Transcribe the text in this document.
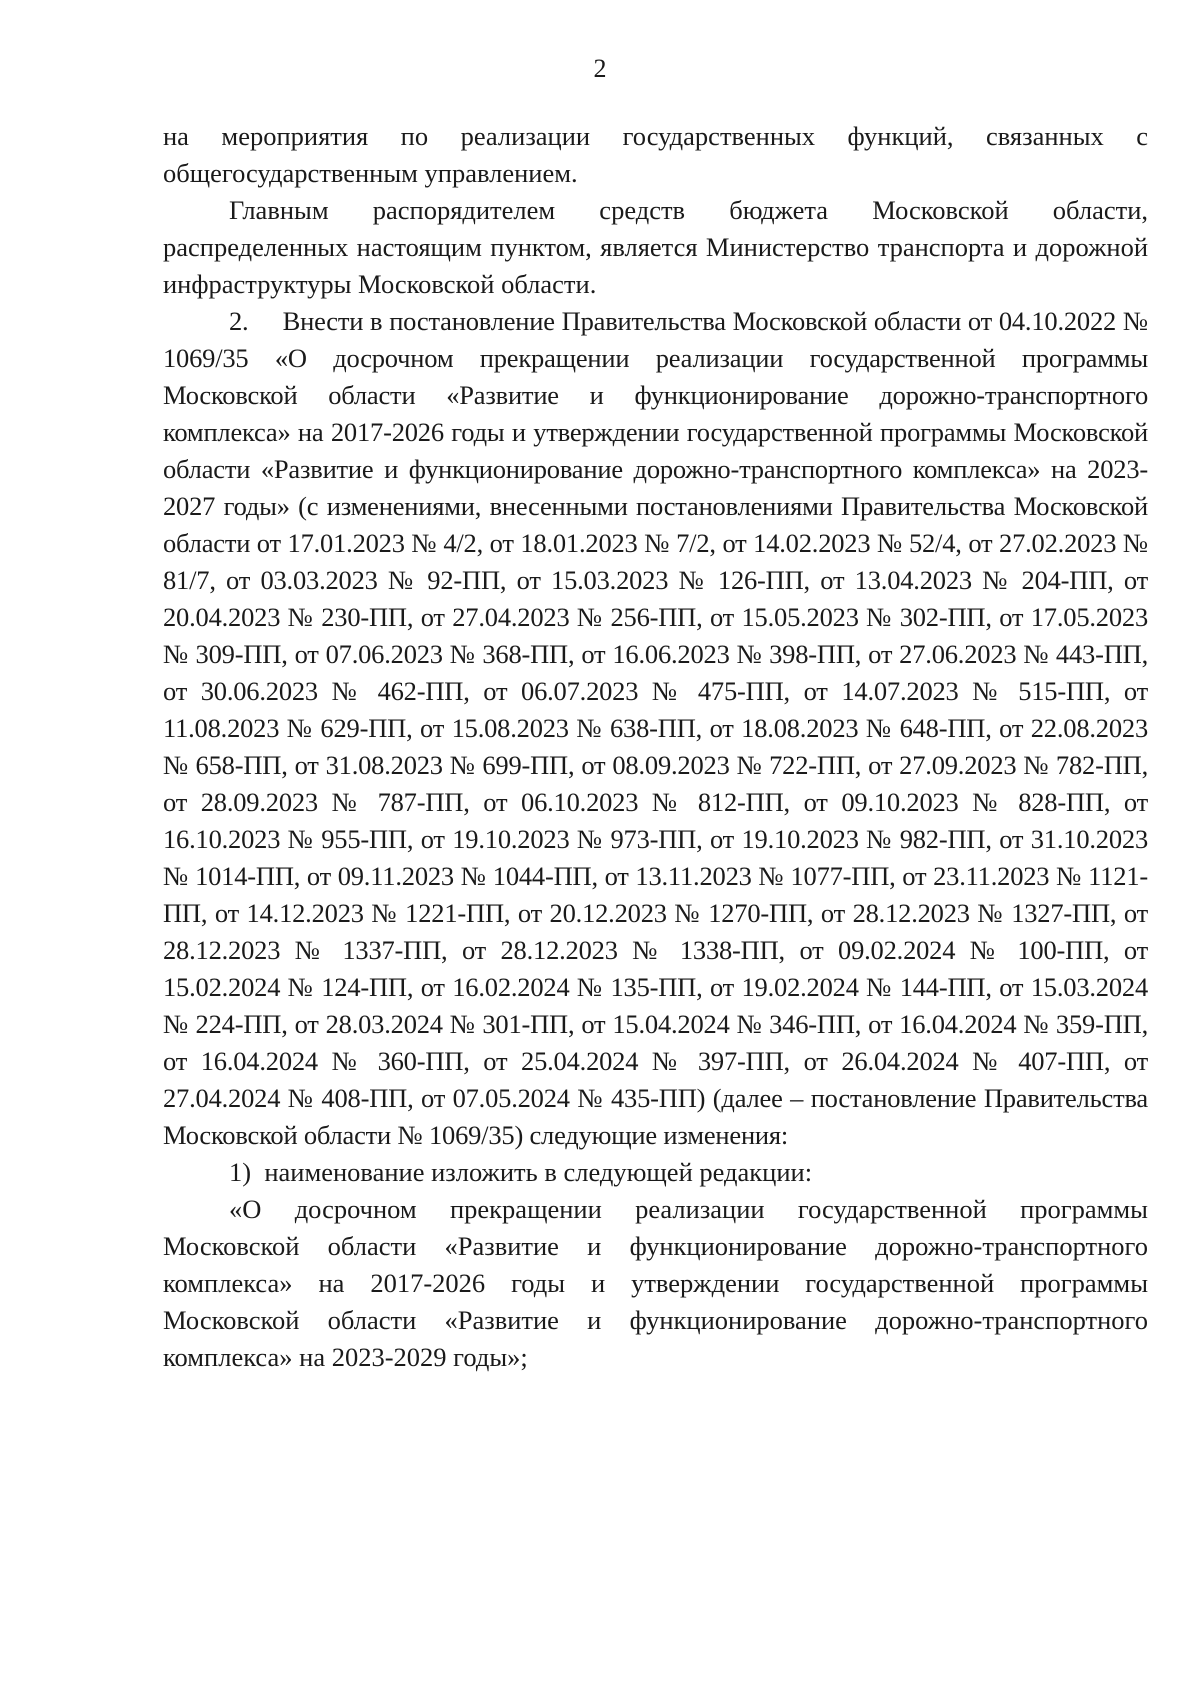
2

на мероприятия по реализации государственных функций, связанных с общегосударственным управлением.

Главным распорядителем средств бюджета Московской области, распределенных настоящим пунктом, является Министерство транспорта и дорожной инфраструктуры Московской области.

2.     Внести в постановление Правительства Московской области от 04.10.2022 № 1069/35 «О досрочном прекращении реализации государственной программы Московской области «Развитие и функционирование дорожно-транспортного комплекса» на 2017-2026 годы и утверждении государственной программы Московской области «Развитие и функционирование дорожно-транспортного комплекса» на 2023-2027 годы» (с изменениями, внесенными постановлениями Правительства Московской области от 17.01.2023 № 4/2, от 18.01.2023 № 7/2, от 14.02.2023 № 52/4, от 27.02.2023 № 81/7, от 03.03.2023 № 92-ПП, от 15.03.2023 № 126-ПП, от 13.04.2023 № 204-ПП, от 20.04.2023 № 230-ПП, от 27.04.2023 № 256-ПП, от 15.05.2023 № 302-ПП, от 17.05.2023 № 309-ПП, от 07.06.2023 № 368-ПП, от 16.06.2023 № 398-ПП, от 27.06.2023 № 443-ПП, от 30.06.2023 № 462-ПП, от 06.07.2023 № 475-ПП, от 14.07.2023 № 515-ПП, от 11.08.2023 № 629-ПП, от 15.08.2023 № 638-ПП, от 18.08.2023 № 648-ПП, от 22.08.2023 № 658-ПП, от 31.08.2023 № 699-ПП, от 08.09.2023 № 722-ПП, от 27.09.2023 № 782-ПП, от 28.09.2023 № 787-ПП, от 06.10.2023 № 812-ПП, от 09.10.2023 № 828-ПП, от 16.10.2023 № 955-ПП, от 19.10.2023 № 973-ПП, от 19.10.2023 № 982-ПП, от 31.10.2023 № 1014-ПП, от 09.11.2023 № 1044-ПП, от 13.11.2023 № 1077-ПП, от 23.11.2023 № 1121-ПП, от 14.12.2023 № 1221-ПП, от 20.12.2023 № 1270-ПП, от 28.12.2023 № 1327-ПП, от 28.12.2023 № 1337-ПП, от 28.12.2023 № 1338-ПП, от 09.02.2024 № 100-ПП, от 15.02.2024 № 124-ПП, от 16.02.2024 № 135-ПП, от 19.02.2024 № 144-ПП, от 15.03.2024 № 224-ПП, от 28.03.2024 № 301-ПП, от 15.04.2024 № 346-ПП, от 16.04.2024 № 359-ПП, от 16.04.2024 № 360-ПП, от 25.04.2024 № 397-ПП, от 26.04.2024 № 407-ПП, от 27.04.2024 № 408-ПП, от 07.05.2024 № 435-ПП) (далее – постановление Правительства Московской области № 1069/35) следующие изменения:

1)  наименование изложить в следующей редакции:

«О досрочном прекращении реализации государственной программы Московской области «Развитие и функционирование дорожно-транспортного комплекса» на 2017-2026 годы и утверждении государственной программы Московской области «Развитие и функционирование дорожно-транспортного комплекса» на 2023-2029 годы»;
